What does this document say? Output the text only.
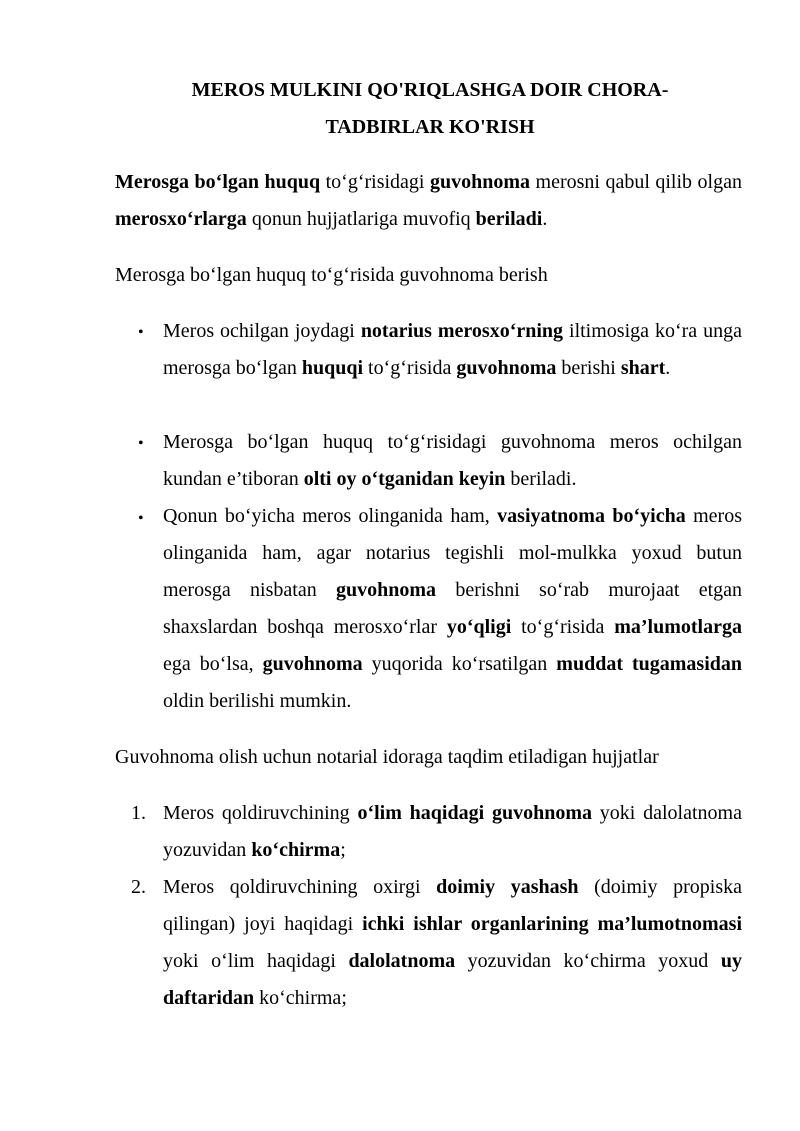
MEROS MULKINI QO'RIQLASHGA DOIR CHORA-
TADBIRLAR KO'RISH
Merosga bo‘lgan huquq to‘g‘risidagi guvohnoma merosni qabul qilib olgan merosxo‘rlarga qonun hujjatlariga muvofiq beriladi.
Merosga bo‘lgan huquq to‘g‘risida guvohnoma berish
• Meros ochilgan joydagi notarius merosxo‘rning iltimosiga ko‘ra unga merosga bo‘lgan huquqi to‘g‘risida guvohnoma berishi shart.
• Merosga bo‘lgan huquq to‘g‘risidagi guvohnoma meros ochilgan kundan e’tiboran olti oy o‘tganidan keyin beriladi.
• Qonun bo‘yicha meros olinganida ham, vasiyatnoma bo‘yicha meros olinganida ham, agar notarius tegishli mol-mulkka yoxud butun merosga nisbatan guvohnoma berishni so‘rab murojaat etgan shaxslardan boshqa merosxo‘rlar yo‘qligi to‘g‘risida ma’lumotlarga ega bo‘lsa, guvohnoma yuqorida ko‘rsatilgan muddat tugamasidan oldin berilishi mumkin.
Guvohnoma olish uchun notarial idoraga taqdim etiladigan hujjatlar
1. Meros qoldiruvchining o‘lim haqidagi guvohnoma yoki dalolatnoma yozuvidan ko‘chirma;
2. Meros qoldiruvchining oxirgi doimiy yashash (doimiy propiska qilingan) joyi haqidagi ichki ishlar organlarining ma’lumotnomasi yoki o‘lim haqidagi dalolatnoma yozuvidan ko‘chirma yoxud uy daftaridan ko‘chirma;
